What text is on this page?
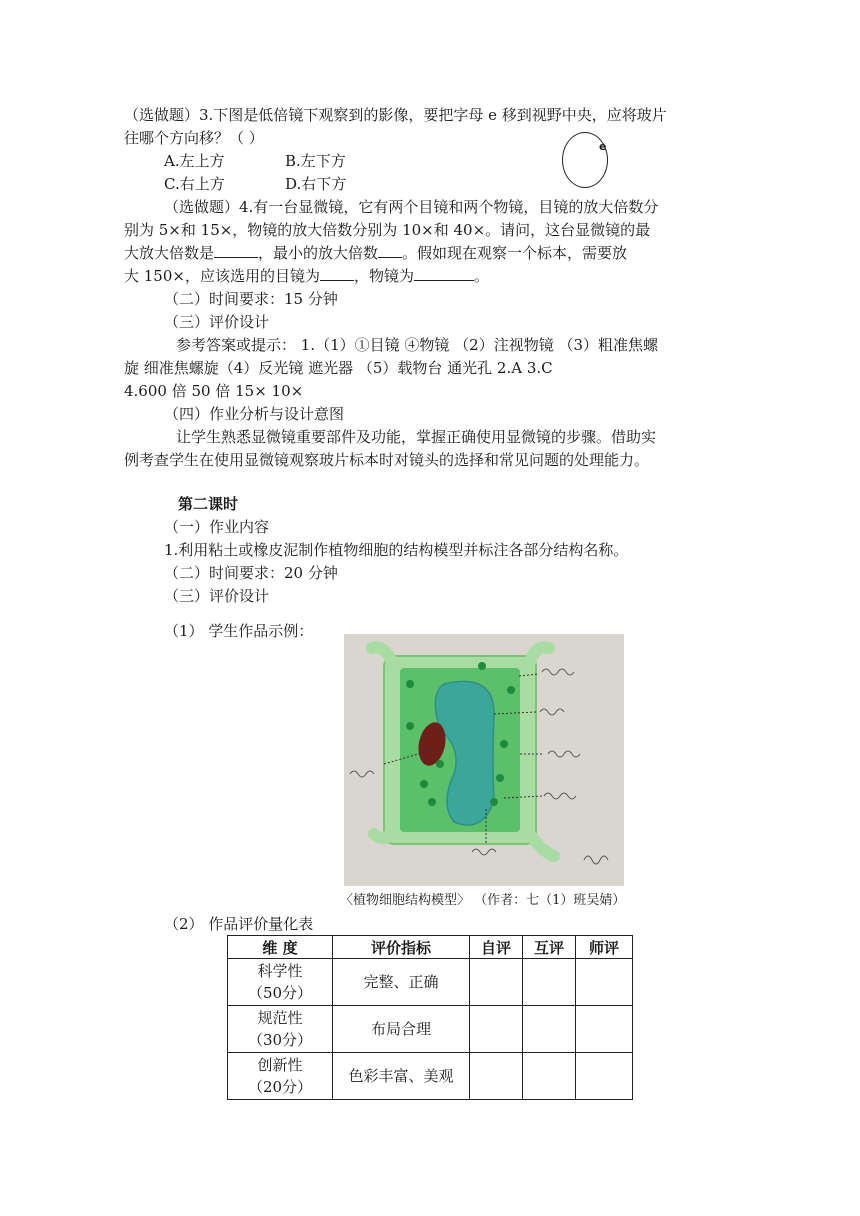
（选做题）3.下图是低倍镜下观察到的影像，要把字母 e 移到视野中央，应将玻片
往哪个方向移？（ ）
A.左上方	B.左下方
C.右上方	D.右下方
e
（选做题）4.有一台显微镜，它有两个目镜和两个物镜，目镜的放大倍数分
别为 5×和 15×，物镜的放大倍数分别为 10×和 40×。请问，这台显微镜的最
大放大倍数是	，最小的放大倍数 。假如现在观察一个标本，需要放
大 150×，应该选用的目镜为 ，物镜为	。
（二）时间要求：15 分钟
（三）评价设计
参考答案或提示： 1.（1）①目镜 ④物镜 （2）注视物镜 （3）粗准焦螺
旋 细准焦螺旋（4）反光镜 遮光器 （5）载物台 通光孔 2.A 3.C
4.600 倍 50 倍 15× 10×
（四）作业分析与设计意图
让学生熟悉显微镜重要部件及功能，掌握正确使用显微镜的步骤。借助实
例考查学生在使用显微镜观察玻片标本时对镜头的选择和常见问题的处理能力。
第二课时
（一）作业内容
1.利用粘土或橡皮泥制作植物细胞的结构模型并标注各部分结构名称。
（二）时间要求：20 分钟
（三）评价设计
（1） 学生作品示例：
〈植物细胞结构模型〉 （作者：七（1）班吴婧）
（2） 作品评价量化表
维 度	评价指标	自评	互评	师评
科学性
（50分）	完整、正确			
规范性
（30分）	布局合理			
创新性
（20分）	色彩丰富、美观			
